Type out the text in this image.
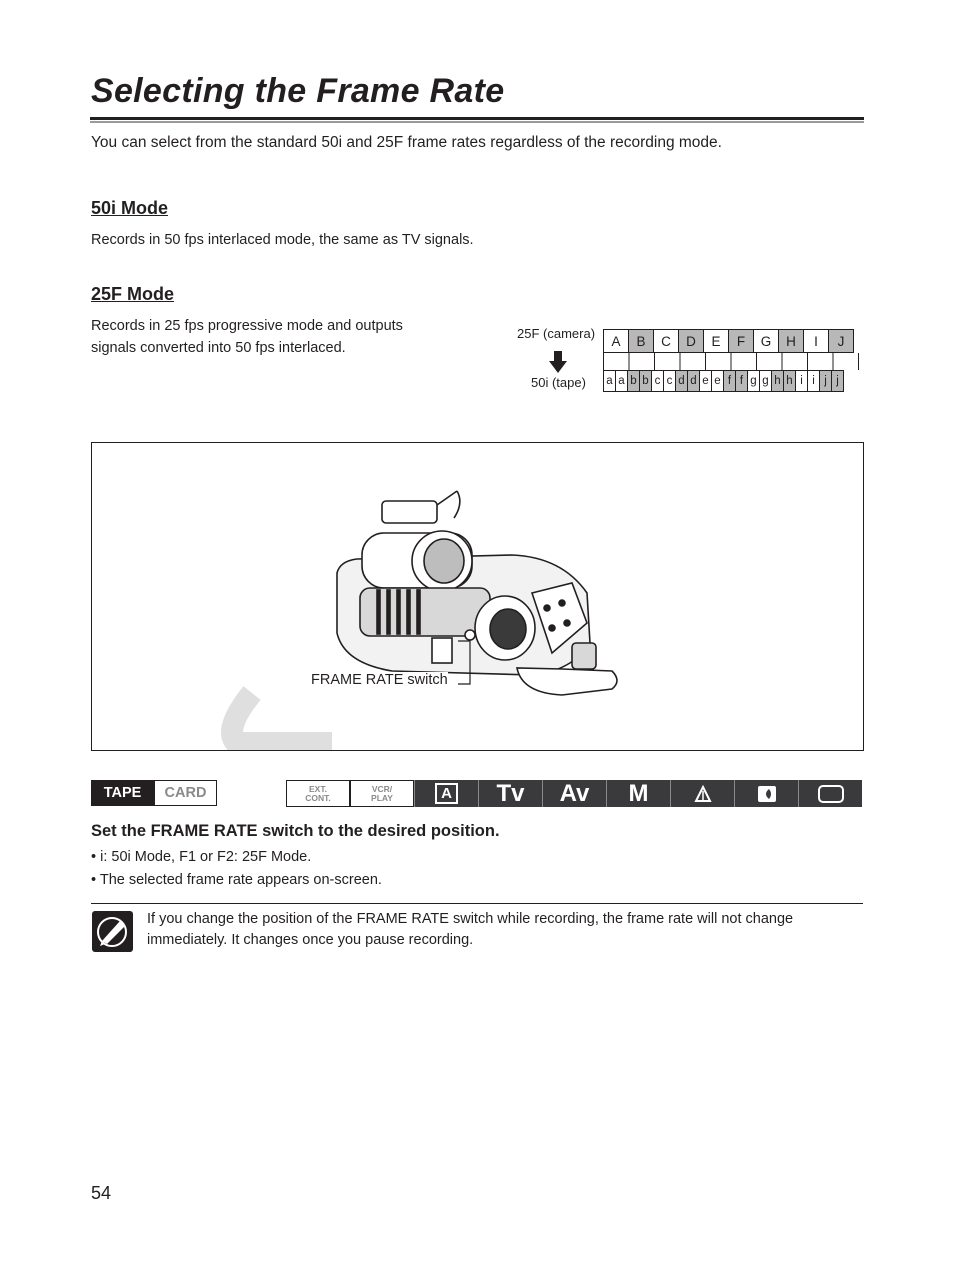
Selecting the Frame Rate
You can select from the standard 50i and 25F frame rates regardless of the recording mode.
50i Mode
Records in 50 fps interlaced mode, the same as TV signals.
25F Mode
Records in 25 fps progressive mode and outputs
signals converted into 50 fps interlaced.
25F (camera)
50i (tape)
A	B	C	D	E	F	G	H	I	J
a	a	b	b	c	c	d	d	e	e	f	f	g	g	h	h	i	i	j	j
FRAME RATE switch
TAPE	CARD	EXT.
CONT.
VCR/
PLAY	A Tv Av M
Set the FRAME RATE switch to the desired position.
• i: 50i Mode, F1 or F2: 25F Mode.
• The selected frame rate appears on-screen.
If you change the position of the FRAME RATE switch while recording, the frame rate will not change immediately. It changes once you pause recording.
54
